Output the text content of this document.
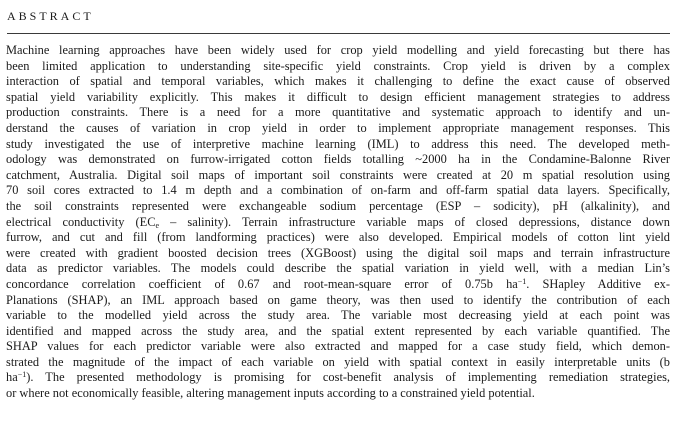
ABSTRACT
Machine learning approaches have been widely used for crop yield modelling and yield forecasting but there has
been limited application to understanding site-specific yield constraints. Crop yield is driven by a complex
interaction of spatial and temporal variables, which makes it challenging to define the exact cause of observed
spatial yield variability explicitly. This makes it difficult to design efficient management strategies to address
production constraints. There is a need for a more quantitative and systematic approach to identify and un-
derstand the causes of variation in crop yield in order to implement appropriate management responses. This
study investigated the use of interpretive machine learning (IML) to address this need. The developed meth-
odology was demonstrated on furrow-irrigated cotton fields totalling ~2000 ha in the Condamine-Balonne River
catchment, Australia. Digital soil maps of important soil constraints were created at 20 m spatial resolution using
70 soil cores extracted to 1.4 m depth and a combination of on-farm and off-farm spatial data layers. Specifically,
the soil constraints represented were exchangeable sodium percentage (ESP – sodicity), pH (alkalinity), and
electrical conductivity ($EC_e$ – salinity). Terrain infrastructure variable maps of closed depressions, distance down
furrow, and cut and fill (from landforming practices) were also developed. Empirical models of cotton lint yield
were created with gradient boosted decision trees (XGBoost) using the digital soil maps and terrain infrastructure
data as predictor variables. The models could describe the spatial variation in yield well, with a median Lin’s
concordance correlation coefficient of 0.67 and root-mean-square error of 0.75b $ha^{-1}$. SHapley Additive ex-
Planations (SHAP), an IML approach based on game theory, was then used to identify the contribution of each
variable to the modelled yield across the study area. The variable most decreasing yield at each point was
identified and mapped across the study area, and the spatial extent represented by each variable quantified. The
SHAP values for each predictor variable were also extracted and mapped for a case study field, which demon-
strated the magnitude of the impact of each variable on yield with spatial context in easily interpretable units (b
$ha^{-1}$). The presented methodology is promising for cost-benefit analysis of implementing remediation strategies,
or where not economically feasible, altering management inputs according to a constrained yield potential.
